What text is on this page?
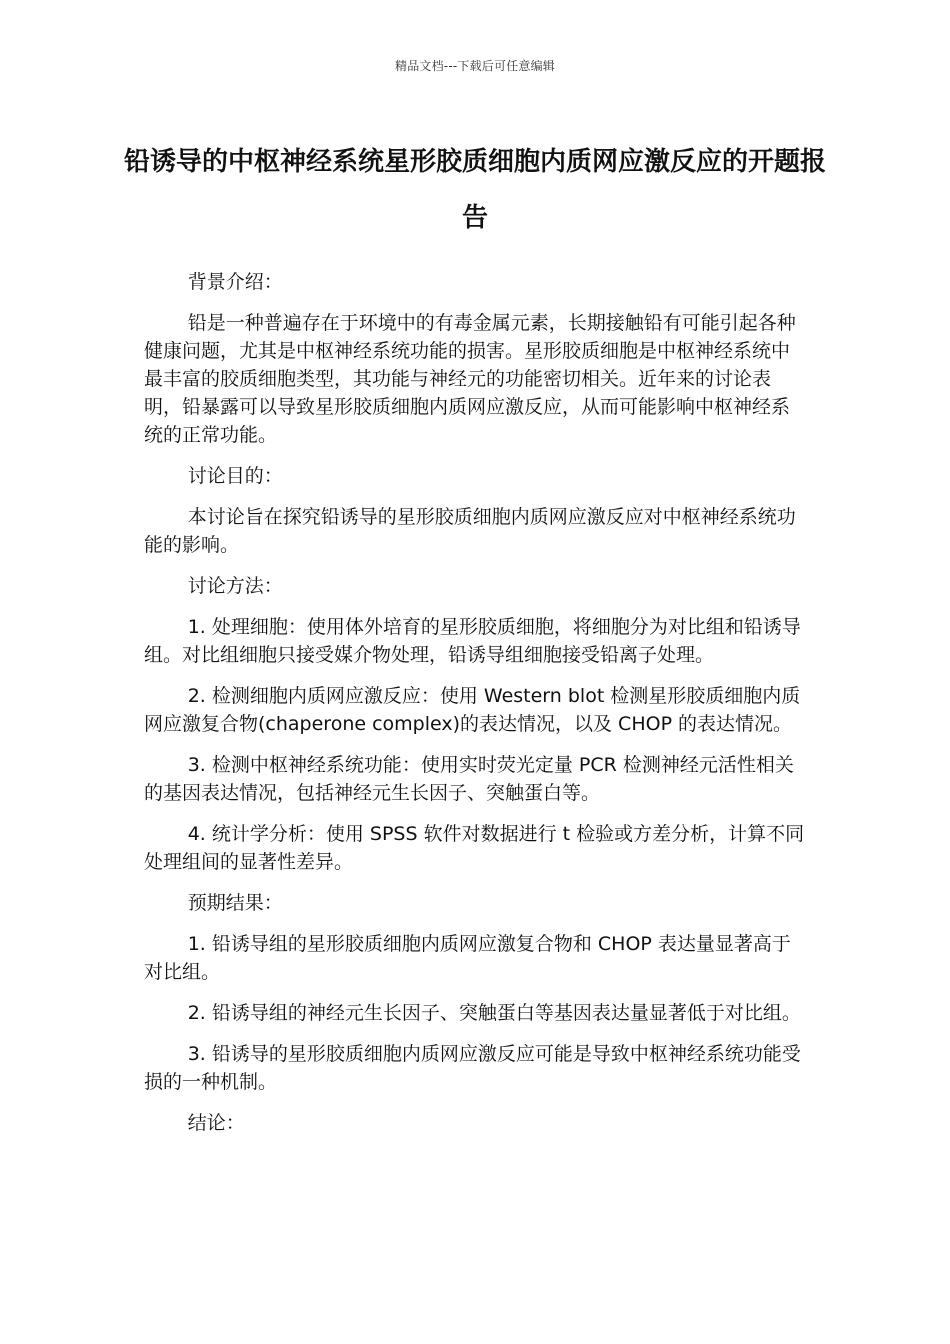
精品文档---下载后可任意编辑
铅诱导的中枢神经系统星形胶质细胞内质网应激反应的开题报告

背景介绍：

铅是一种普遍存在于环境中的有毒金属元素，长期接触铅有可能引起各种健康问题，尤其是中枢神经系统功能的损害。星形胶质细胞是中枢神经系统中最丰富的胶质细胞类型，其功能与神经元的功能密切相关。近年来的讨论表明，铅暴露可以导致星形胶质细胞内质网应激反应，从而可能影响中枢神经系统的正常功能。

讨论目的：

本讨论旨在探究铅诱导的星形胶质细胞内质网应激反应对中枢神经系统功能的影响。

讨论方法：

1. 处理细胞：使用体外培育的星形胶质细胞，将细胞分为对比组和铅诱导组。对比组细胞只接受媒介物处理，铅诱导组细胞接受铅离子处理。

2. 检测细胞内质网应激反应：使用 Western blot 检测星形胶质细胞内质网应激复合物(chaperone complex)的表达情况，以及 CHOP 的表达情况。

3. 检测中枢神经系统功能：使用实时荧光定量 PCR 检测神经元活性相关的基因表达情况，包括神经元生长因子、突触蛋白等。

4. 统计学分析：使用 SPSS 软件对数据进行 t 检验或方差分析，计算不同处理组间的显著性差异。

预期结果：

1. 铅诱导组的星形胶质细胞内质网应激复合物和 CHOP 表达量显著高于对比组。

2. 铅诱导组的神经元生长因子、突触蛋白等基因表达量显著低于对比组。

3. 铅诱导的星形胶质细胞内质网应激反应可能是导致中枢神经系统功能受损的一种机制。

结论：
